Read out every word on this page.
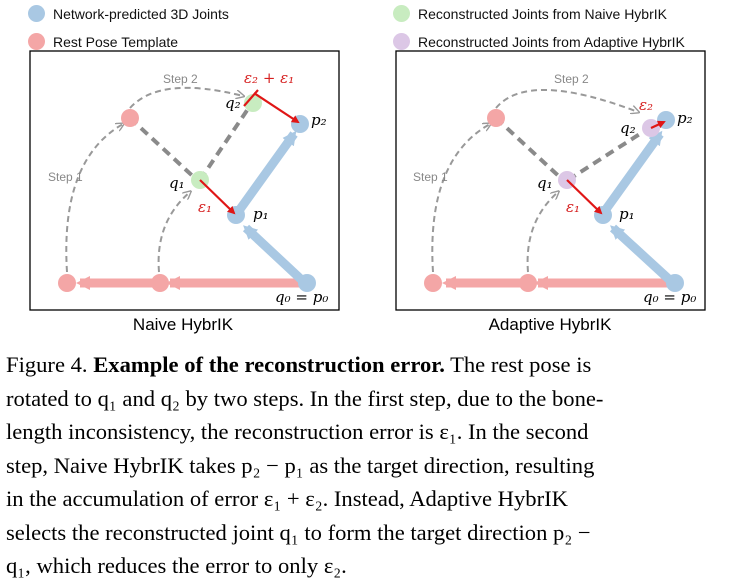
Network-predicted 3D Joints
Rest Pose Template
Reconstructed Joints from Naive HybrIK
Reconstructed Joints from Adaptive HybrIK
Step 1
Step 2
q₁
q₂
p₁
p₂
q₀ = p₀
ε₁
ε₂ + ε₁
Naive HybrIK
Step 1
Step 2
q₁
q₂
p₁
p₂
q₀ = p₀
ε₁
ε₂
Adaptive HybrIK
Figure 4. Example of the reconstruction error. The rest pose is
rotated to q₁ and q₂ by two steps. In the first step, due to the bone-
length inconsistency, the reconstruction error is ε₁. In the second
step, Naive HybrIK takes p₂ − p₁ as the target direction, resulting
in the accumulation of error ε₁ + ε₂. Instead, Adaptive HybrIK
selects the reconstructed joint q₁ to form the target direction p₂ −
q₁, which reduces the error to only ε₂.
